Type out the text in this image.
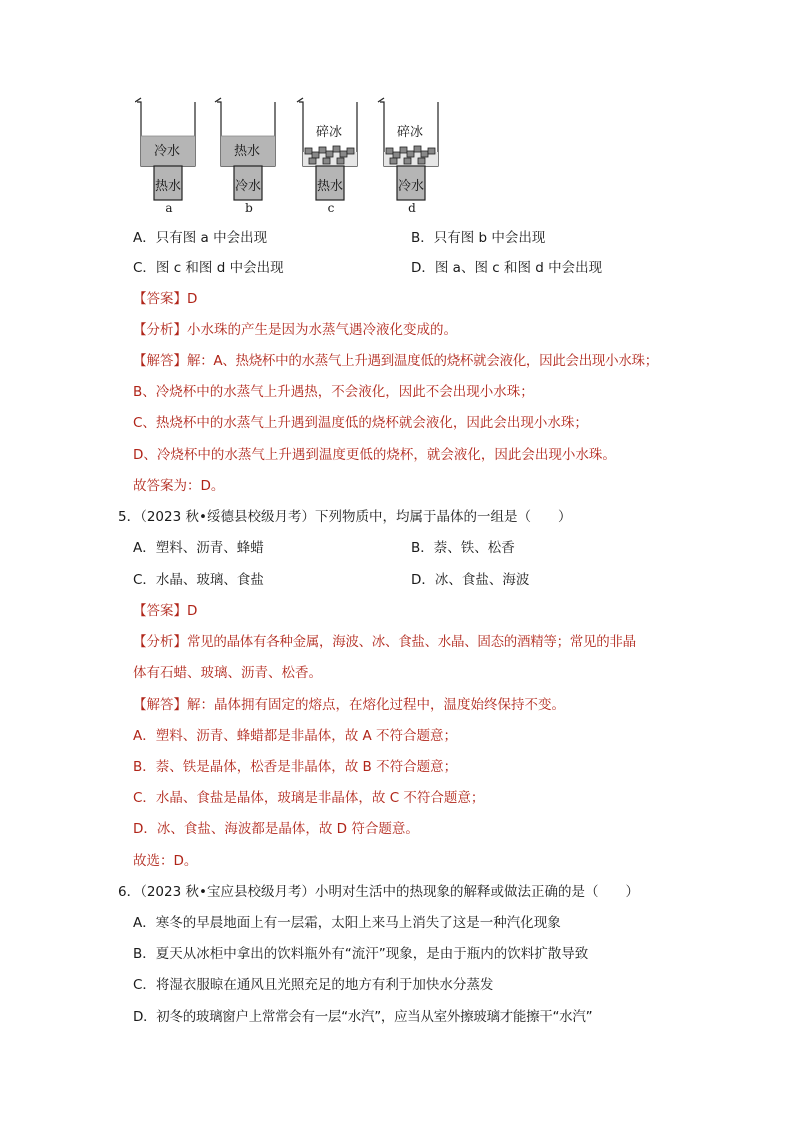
冷水
热水
热水
冷水
碎冰
热水
碎冰
冷水
a	b	c	d
A．只有图 a 中会出现	B．只有图 b 中会出现
C．图 c 和图 d 中会出现	D．图 a、图 c 和图 d 中会出现
【答案】D
【分析】小水珠的产生是因为水蒸气遇冷液化变成的。
【解答】解：A、热烧杯中的水蒸气上升遇到温度低的烧杯就会液化，因此会出现小水珠；
B、冷烧杯中的水蒸气上升遇热，不会液化，因此不会出现小水珠；
C、热烧杯中的水蒸气上升遇到温度低的烧杯就会液化，因此会出现小水珠；
D、冷烧杯中的水蒸气上升遇到温度更低的烧杯，就会液化，因此会出现小水珠。
故答案为：D。
5．（2023 秋•绥德县校级月考）下列物质中，均属于晶体的一组是（　　）
A．塑料、沥青、蜂蜡	B．萘、铁、松香
C．水晶、玻璃、食盐	D．冰、食盐、海波
【答案】D
【分析】常见的晶体有各种金属，海波、冰、食盐、水晶、固态的酒精等；常见的非晶
体有石蜡、玻璃、沥青、松香。
【解答】解：晶体拥有固定的熔点，在熔化过程中，温度始终保持不变。
A．塑料、沥青、蜂蜡都是非晶体，故 A 不符合题意；
B．萘、铁是晶体，松香是非晶体，故 B 不符合题意；
C．水晶、食盐是晶体，玻璃是非晶体，故 C 不符合题意；
D．冰、食盐、海波都是晶体，故 D 符合题意。
故选：D。
6．（2023 秋•宝应县校级月考）小明对生活中的热现象的解释或做法正确的是（　　）
A．寒冬的早晨地面上有一层霜，太阳上来马上消失了这是一种汽化现象
B．夏天从冰柜中拿出的饮料瓶外有“流汗”现象，是由于瓶内的饮料扩散导致
C．将湿衣服晾在通风且光照充足的地方有利于加快水分蒸发
D．初冬的玻璃窗户上常常会有一层“水汽”，应当从室外擦玻璃才能擦干“水汽”
